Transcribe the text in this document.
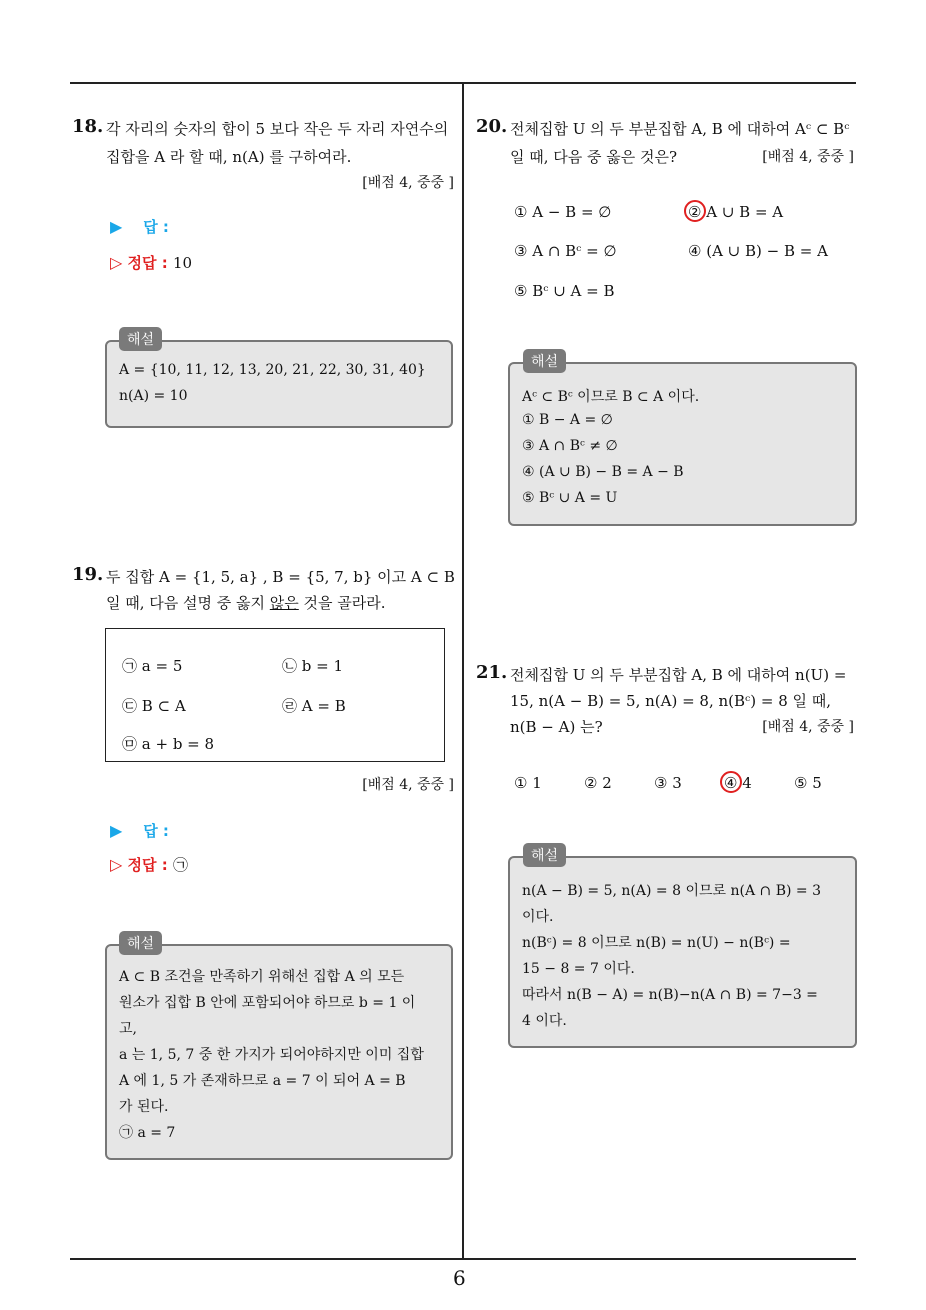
6
18. 각 자리의 숫자의 합이 5 보다 작은 두 자리 자연수의
집합을 A 라 할 때, n(A) 를 구하여라.
[배점 4, 중중 ]
▶ 답 :
▷ 정답 : 10
A = {10, 11, 12, 13, 20, 21, 22, 30, 31, 40}
n(A) = 10
해설
19. 두 집합 A = {1, 5, a} , B = {5, 7, b} 이고 A ⊂ B
일 때, 다음 설명 중 옳지 않은 것을 골라라.
㉠ a = 5	㉡ b = 1
㉢ B ⊂ A	㉣ A = B
㉤ a + b = 8
[배점 4, 중중 ]
▶ 답 :
▷ 정답 : ㉠
A ⊂ B 조건을 만족하기 위해선 집합 A 의 모든
원소가 집합 B 안에 포함되어야 하므로 b = 1 이
고,
a 는 1, 5, 7 중 한 가지가 되어야하지만 이미 집합
A 에 1, 5 가 존재하므로 a = 7 이 되어 A = B
가 된다.
㉠ a = 7
해설
20. 전체집합 U 의 두 부분집합 A, B 에 대하여 Aᶜ ⊂ Bᶜ
일 때, 다음 중 옳은 것은?	[배점 4, 중중 ]
① A − B = ∅	② A ∪ B = A
③ A ∩ Bᶜ = ∅	④ (A ∪ B) − B = A
⑤ Bᶜ ∪ A = B
Aᶜ ⊂ Bᶜ 이므로 B ⊂ A 이다.
① B − A = ∅
③ A ∩ Bᶜ ≠ ∅
④ (A ∪ B) − B = A − B
⑤ Bᶜ ∪ A = U
해설
21. 전체집합 U 의 두 부분집합 A, B 에 대하여 n(U) =
15, n(A − B) = 5, n(A) = 8, n(Bᶜ) = 8 일 때,
n(B − A) 는?	[배점 4, 중중 ]
① 1	② 2	③ 3	④ 4	⑤ 5
n(A − B) = 5, n(A) = 8 이므로 n(A ∩ B) = 3
이다.
n(Bᶜ) = 8 이므로 n(B) = n(U) − n(Bᶜ) =
15 − 8 = 7 이다.
따라서 n(B − A) = n(B)−n(A ∩ B) = 7−3 =
4 이다.
해설
